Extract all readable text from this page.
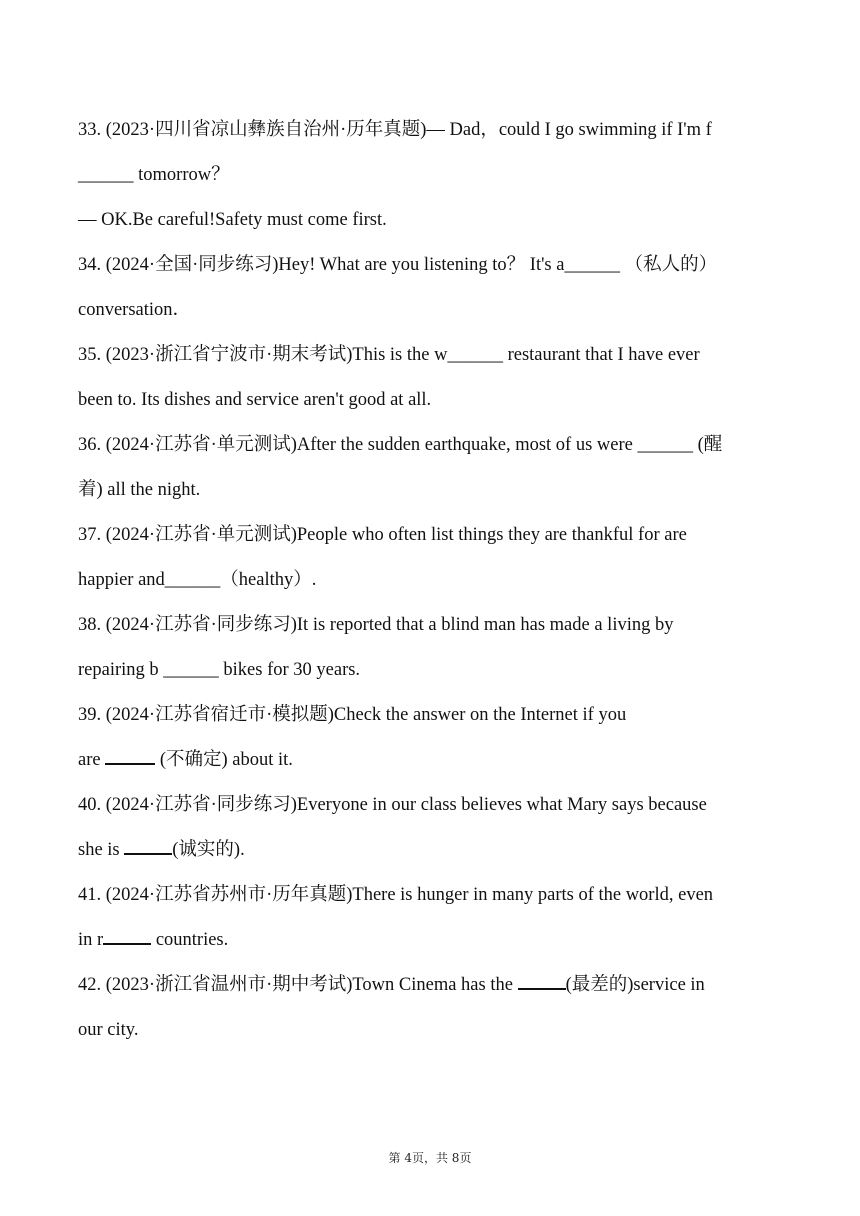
33. (2023·四川省凉山彝族自治州·历年真题)— Dad，could I go swimming if I'm f
______ tomorrow？
— OK.Be careful!Safety must come first.
34. (2024·全国·同步练习)Hey! What are you listening to？ It's a______ （私人的）
conversation．
35. (2023·浙江省宁波市·期末考试)This is the w______ restaurant that I have ever
been to. Its dishes and service aren't good at all.
36. (2024·江苏省·单元测试)After the sudden earthquake, most of us were ______ (醒
着) all the night.
37. (2024·江苏省·单元测试)People who often list things they are thankful for are
happier and______（healthy）.
38. (2024·江苏省·同步练习)It is reported that a blind man has made a living by
repairing b ______ bikes for 30 years.
39. (2024·江苏省宿迁市·模拟题)Check the answer on the Internet if you
are	(不确定) about it.
40. (2024·江苏省·同步练习)Everyone in our class believes what Mary says because
she is	(诚实的).
41. (2024·江苏省苏州市·历年真题)There is hunger in many parts of the world, even
in r	countries.
42. (2023·浙江省温州市·期中考试)Town Cinema has the	(最差的)service in
our city.
第 4页，共 8页
